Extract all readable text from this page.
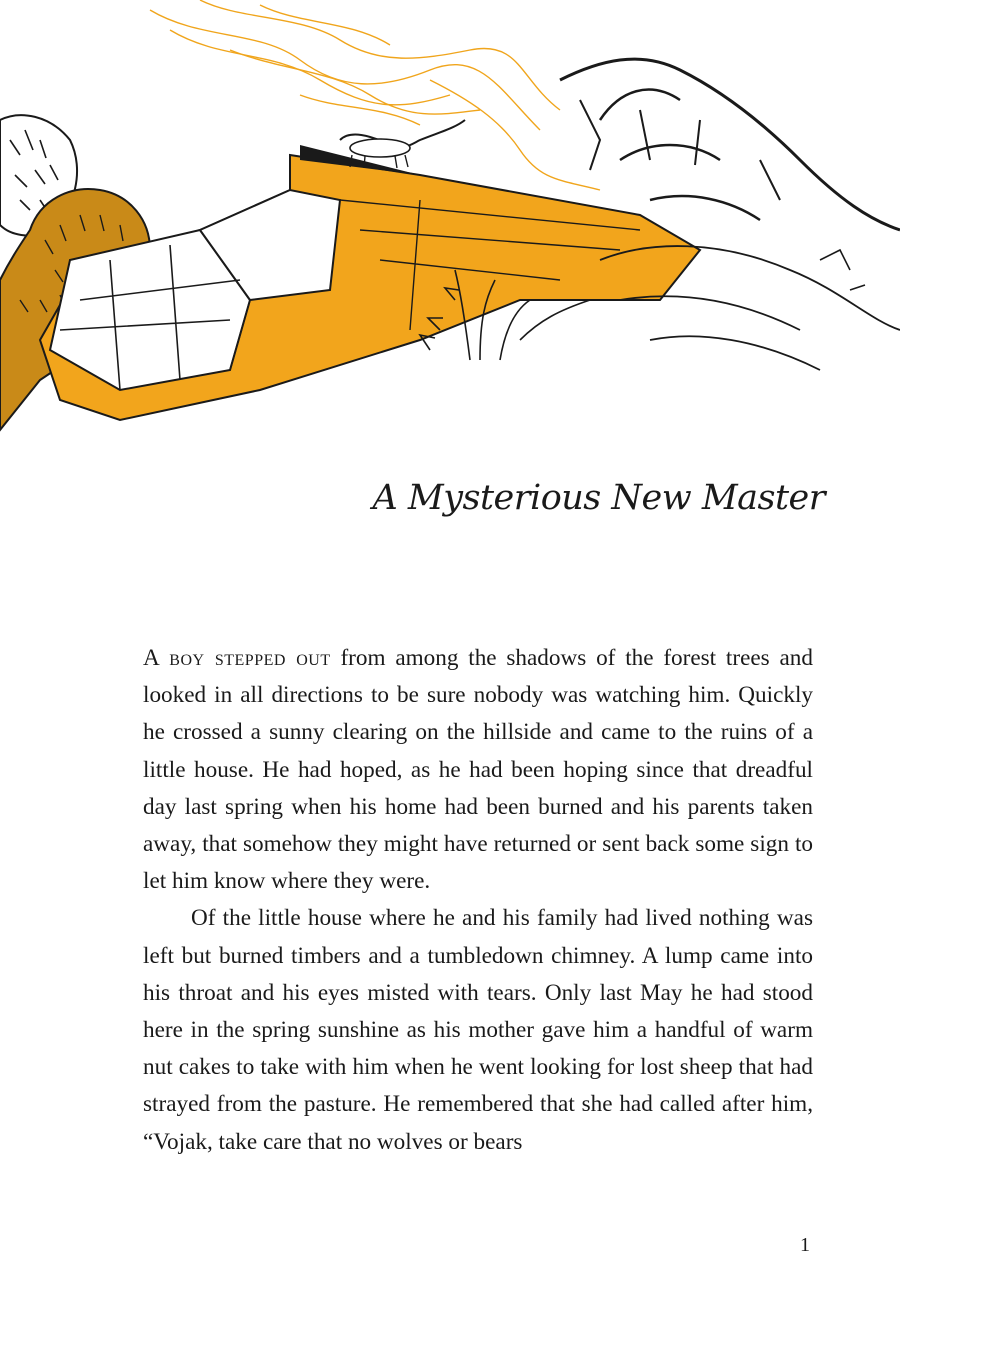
A Mysterious New Master

A boy stepped out from among the shadows of the forest trees and looked in all directions to be sure nobody was watching him. Quickly he crossed a sunny clearing on the hillside and came to the ruins of a little house. He had hoped, as he had been hoping since that dreadful day last spring when his home had been burned and his parents taken away, that somehow they might have returned or sent back some sign to let him know where they were.

Of the little house where he and his family had lived nothing was left but burned timbers and a tumbledown chimney. A lump came into his throat and his eyes misted with tears. Only last May he had stood here in the spring sunshine as his mother gave him a handful of warm nut cakes to take with him when he went looking for lost sheep that had strayed from the pasture. He remembered that she had called after him, “Vojak, take care that no wolves or bears

1
